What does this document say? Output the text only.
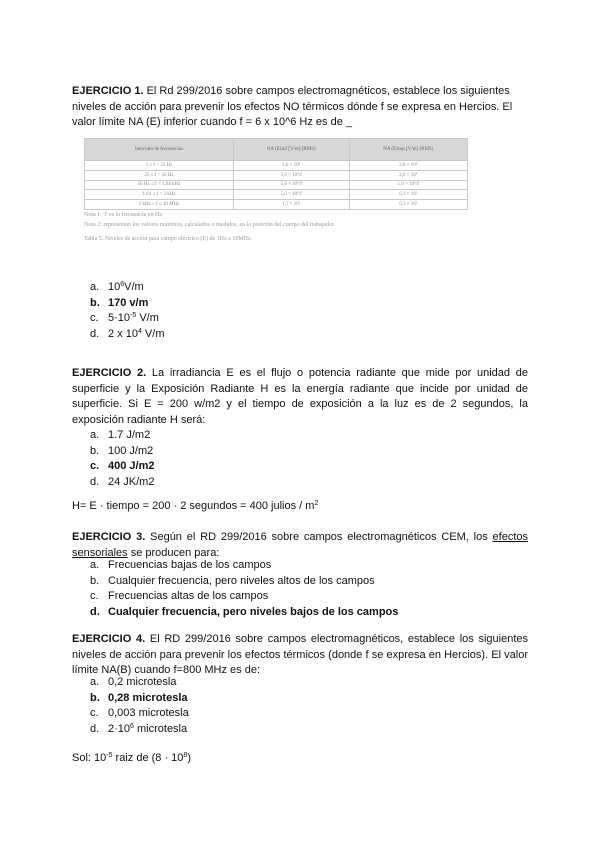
EJERCICIO 1. El Rd 299/2016 sobre campos electromagnéticos, establece los siguientes niveles de acción para prevenir los efectos NO térmicos dónde f se expresa en Hercios. El valor límite NA (E) inferior cuando f = 6 x 10^6 Hz es de _
Intervalo de frecuencias	NA (E)inf [V/m] (RMS)	NA (E)sup [V/m] (RMS)
1 ≤ f < 25 Hz	2,0 × 10⁴	2,0 × 10⁴
25 ≤ f < 50 Hz	5,0 × 10⁵/f	2,0 × 10⁴
50 Hz ≤ f < 1,64 kHz	5,0 × 10⁵/f	1,0 × 10⁶/f
1,64 ≤ f < 3 kHz	5,0 × 10⁵/f	6,1 × 10²
3 kHz ≤ f ≤ 10 MHz	1,7 × 10²	6,1 × 10²
Nota 1: 'f' es la frecuencia en Hz.
Nota 2: representan los valores máximos, calculados o medidos, en la posición del cuerpo del trabajador.
Tabla 5. Niveles de acción para campo eléctrico (E) de 1Hz a 10MHz.
a. $10^6V/m$
b. 170 v/m
c. $5\cdot 10^{-5}$ V/m
d. 2 x $10^4$ V/m
EJERCICIO 2. La irradiancia E es el flujo o potencia radiante que mide por unidad de superficie y la Exposición Radiante H es la energía radiante que incide por unidad de superficie. Si E = 200 w/m2 y el tiempo de exposición a la luz es de 2 segundos, la exposición radiante H será:
a. 1.7 J/m2
b. 100 J/m2
c. 400 J/m2
d. 24 JK/m2
H= E · tiempo = 200 · 2 segundos = 400 julios / $m^2$
EJERCICIO 3. Según el RD 299/2016 sobre campos electromagnéticos CEM, los efectos sensoriales se producen para:
a. Frecuencias bajas de los campos
b. Cualquier frecuencia, pero niveles altos de los campos
c. Frecuencias altas de los campos
d. Cualquier frecuencia, pero niveles bajos de los campos
EJERCICIO 4. El RD 299/2016 sobre campos electromagnéticos, establece los siguientes niveles de acción para prevenir los efectos térmicos (donde f se expresa en Hercios). El valor límite NA(B) cuando f=800 MHz es de:
a. 0,2 microtesla
b. 0,28 microtesla
c. 0,003 microtesla
d. $2\cdot 10^6$ microtesla
Sol: $10^{-5}$ raiz de $(8 \cdot 10^8)$
